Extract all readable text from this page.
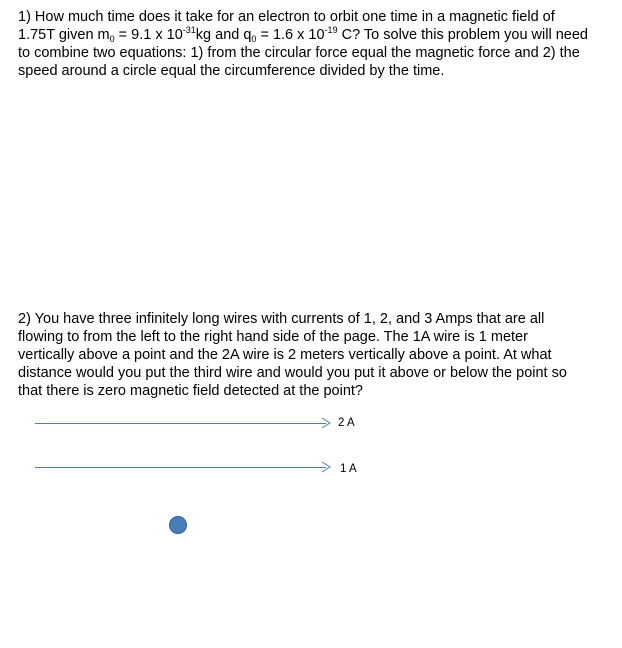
1) How much time does it take for an electron to orbit one time in a magnetic field of 1.75T given $m_0 = 9.1$ x $10^{-31}kg$ and $q_0 = 1.6$ x $10^{-19}$ C? To solve this problem you will need to combine two equations: 1) from the circular force equal the magnetic force and 2) the speed around a circle equal the circumference divided by the time.

2) You have three infinitely long wires with currents of 1, 2, and 3 Amps that are all flowing to from the left to the right hand side of the page. The 1A wire is 1 meter vertically above a point and the 2A wire is 2 meters vertically above a point. At what distance would you put the third wire and would you put it above or below the point so that there is zero magnetic field detected at the point?

2 A
1 A
